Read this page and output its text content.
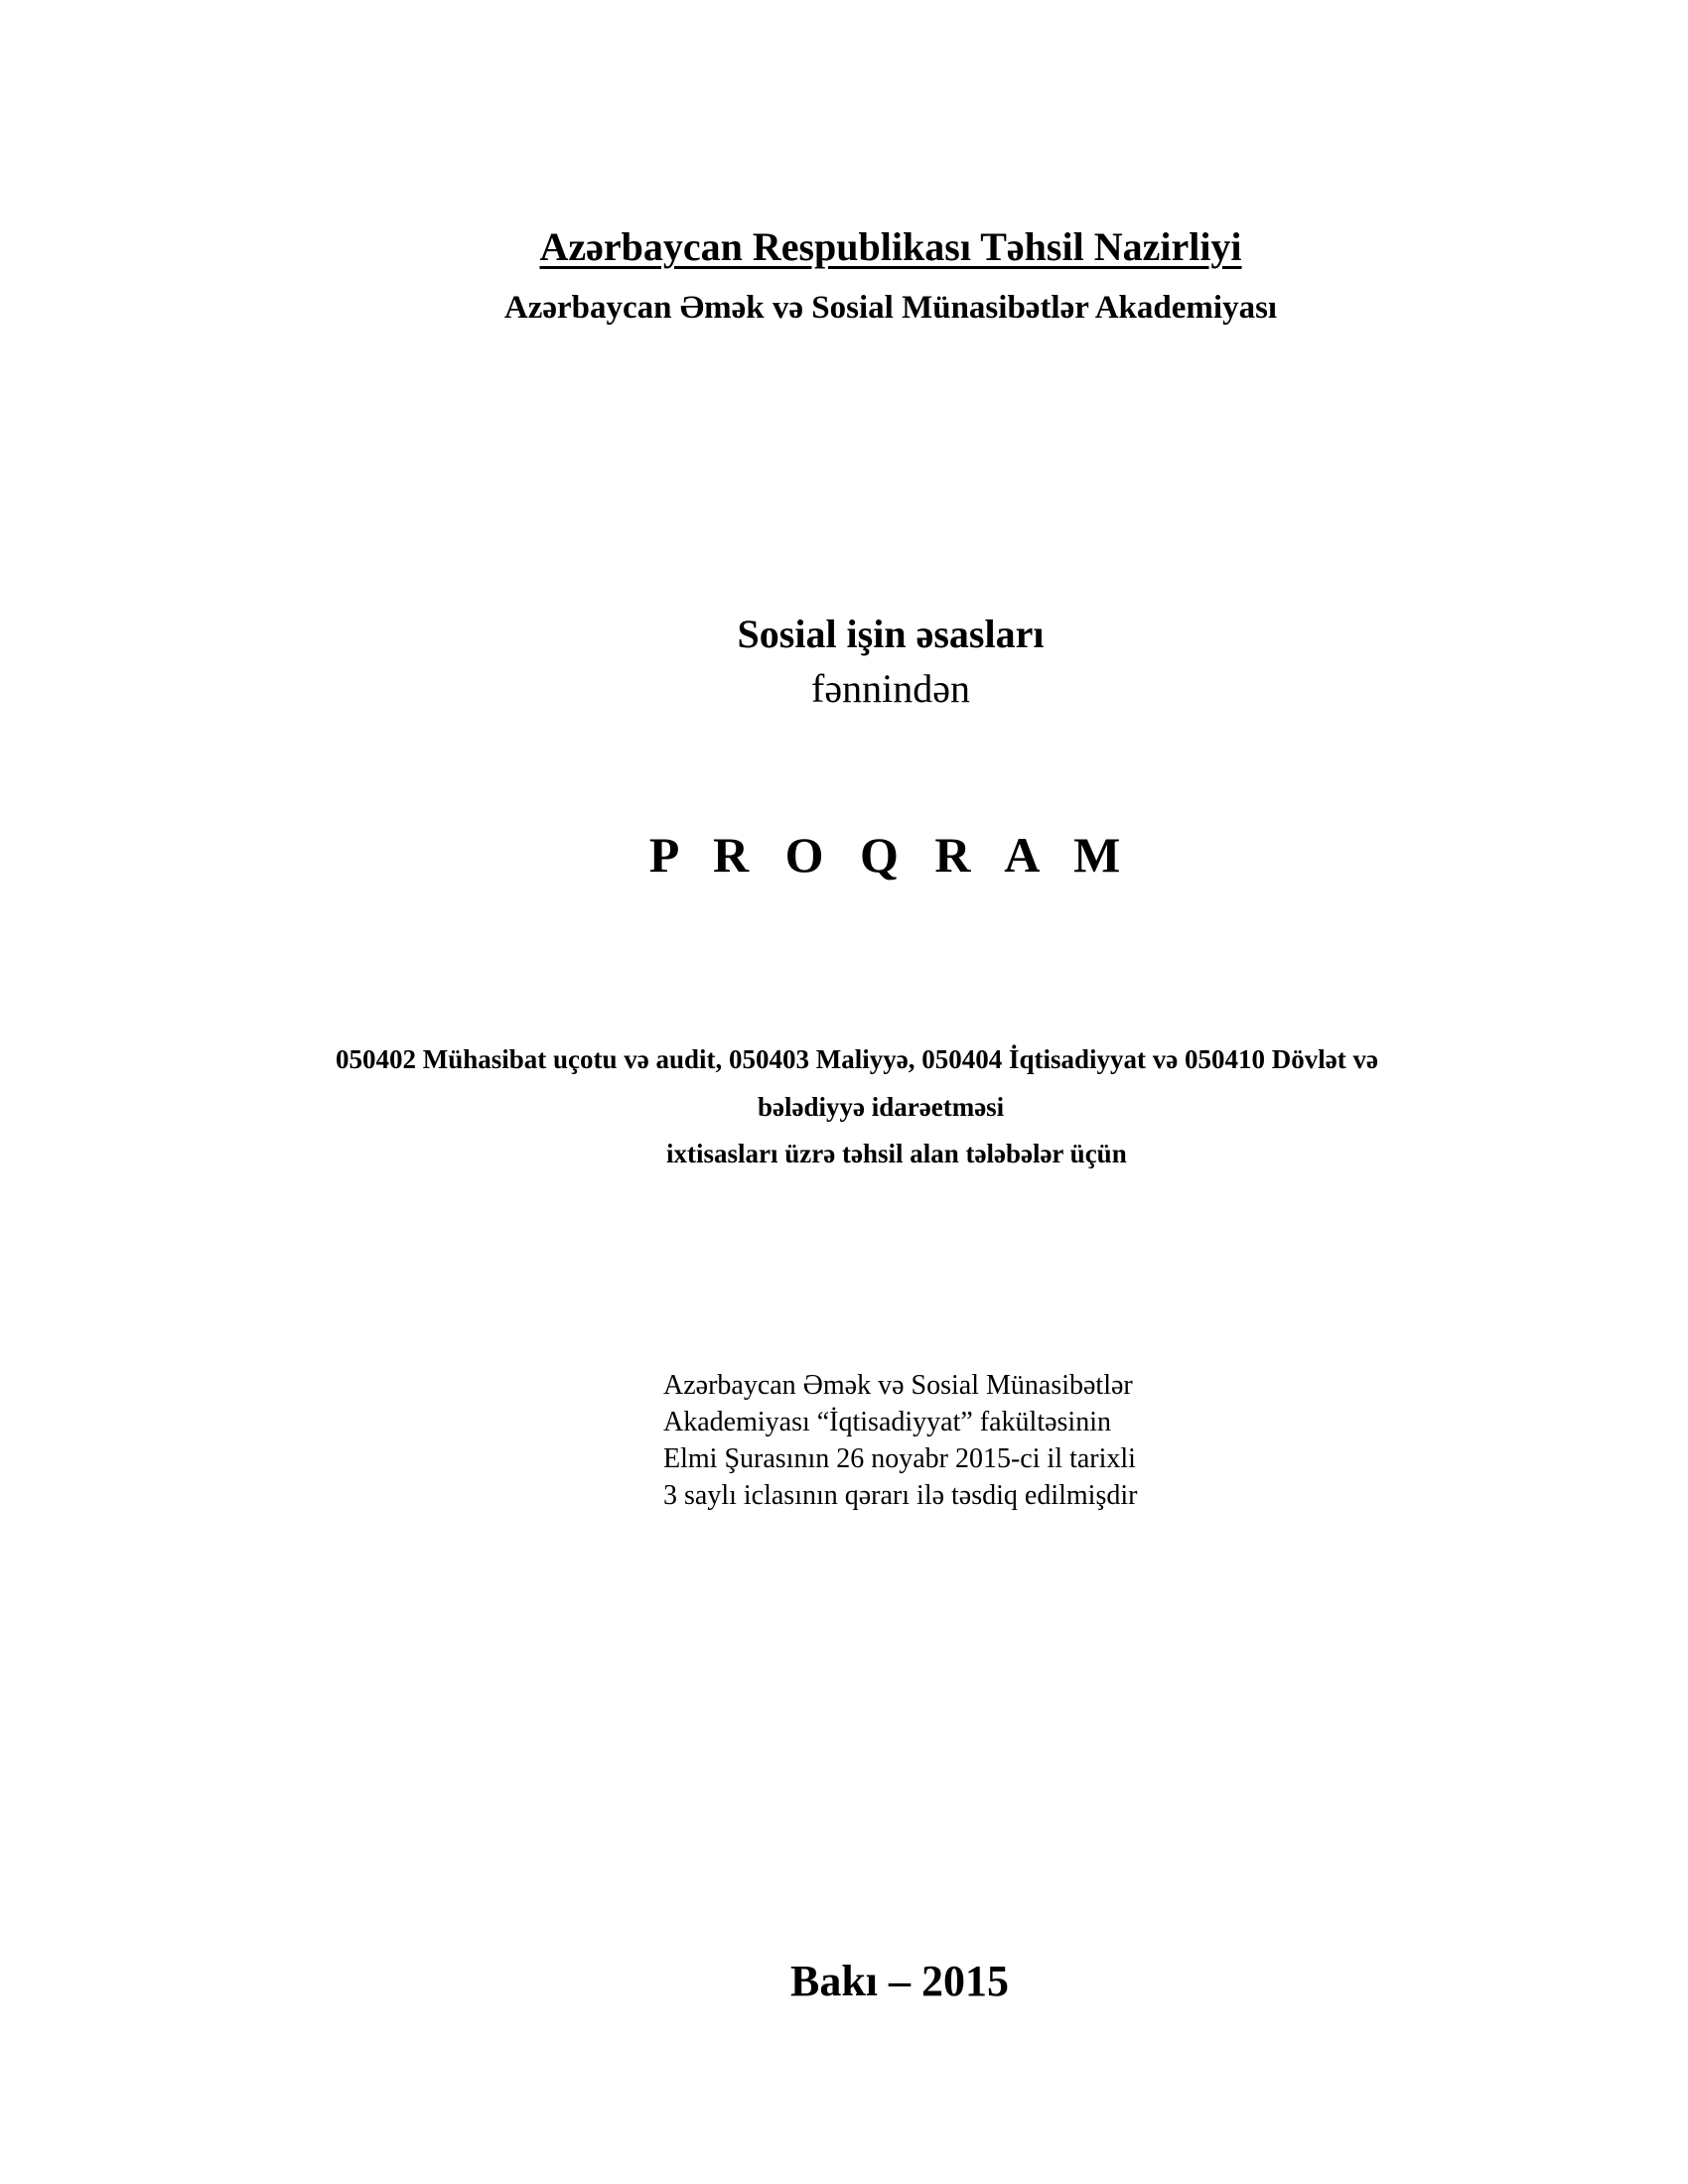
Azərbaycan Respublikası Təhsil Nazirliyi
Azərbaycan Əmək və Sosial Münasibətlər Akademiyası
Sosial işin əsasları
fənnindən
P R O Q R A M
050402 Mühasibat uçotu və audit, 050403 Maliyyə, 050404 İqtisadiyyat və 050410 Dövlət və
bələdiyyə idarəetməsi
ixtisasları üzrə təhsil alan tələbələr üçün
Azərbaycan Əmək və Sosial Münasibətlər
Akademiyası “İqtisadiyyat” fakültəsinin
Elmi Şurasının 26 noyabr 2015-ci il tarixli
3 saylı iclasının qərarı ilə təsdiq edilmişdir
Bakı – 2015
